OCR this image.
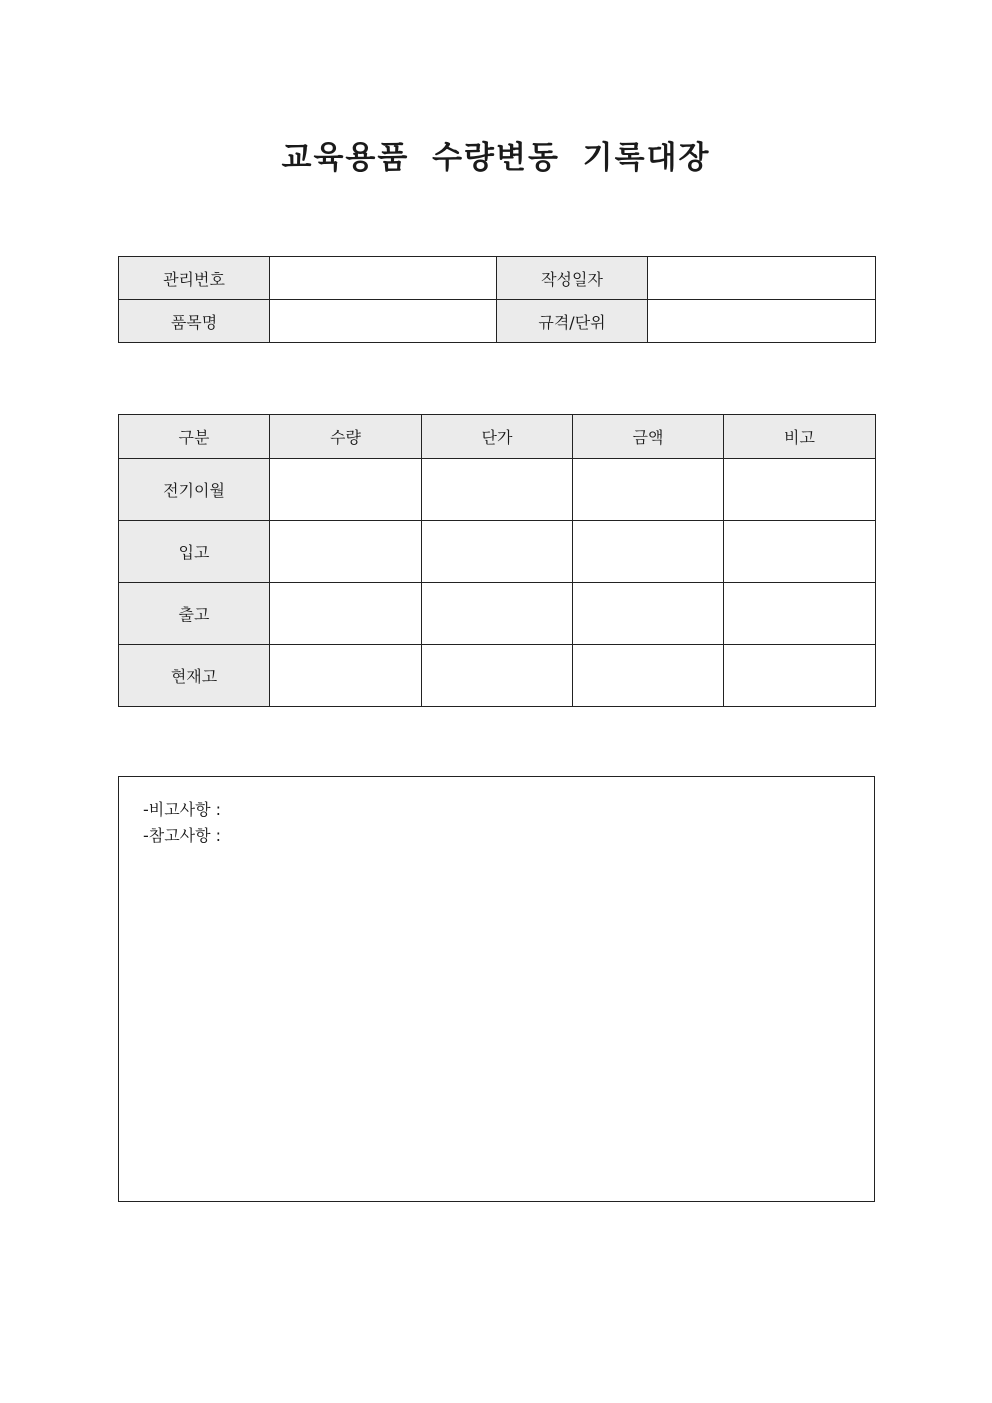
교육용품 수량변동 기록대장
관리번호		작성일자	
품목명		규격/단위	
구분	수량	단가	금액	비고
전기이월				
입고				
출고				
현재고				
-비고사항 :
-참고사항 :
